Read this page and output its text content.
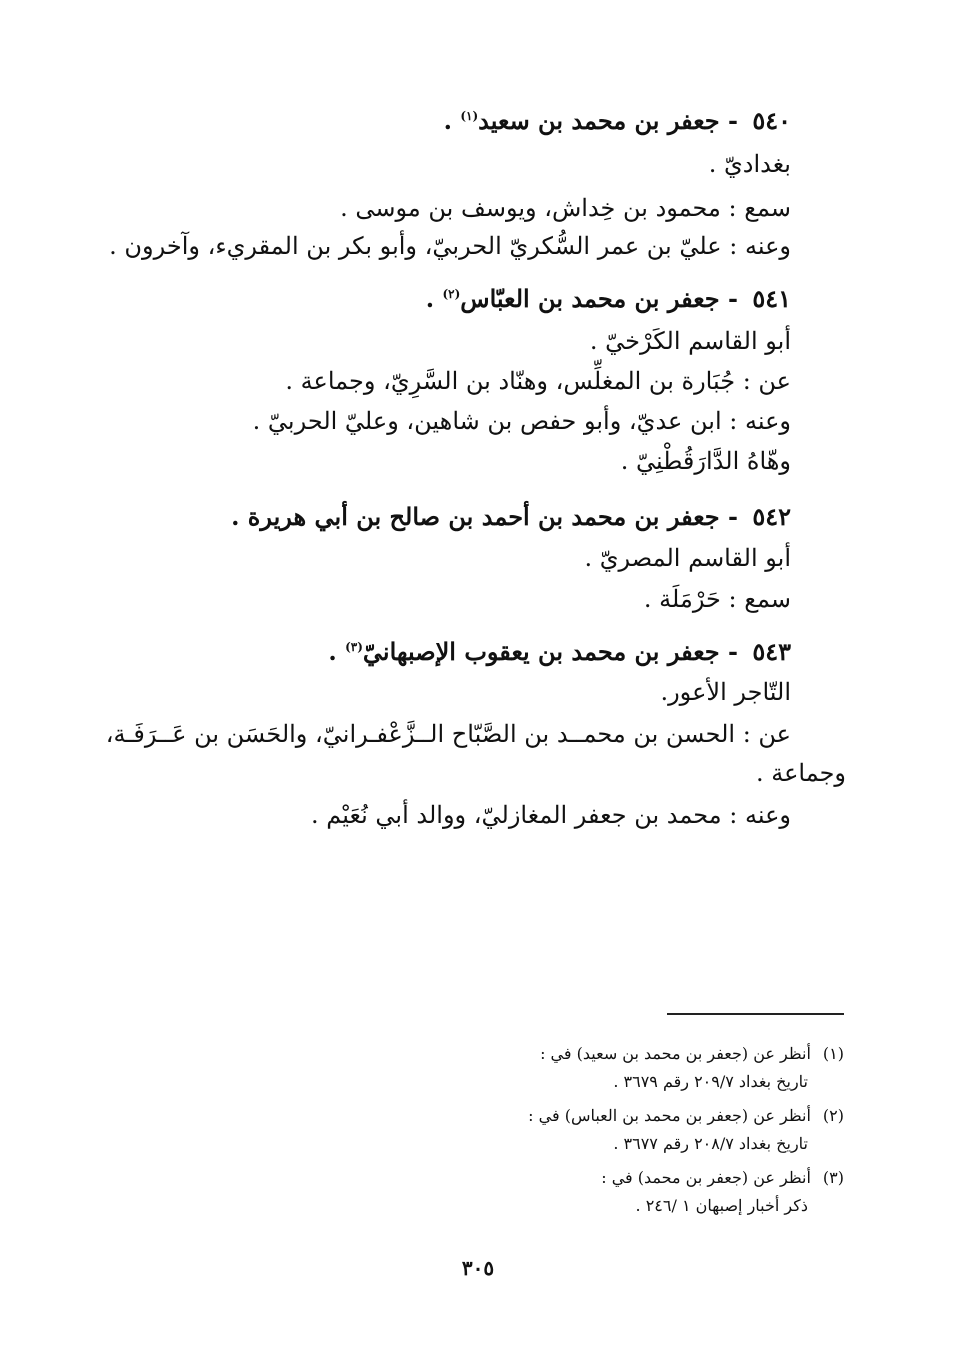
٥٤٠ - جعفر بن محمد بن سعيد$^{(١)}$ .
بغداديّ .
سمع : محمود بن خِداش، ويوسف بن موسى .
وعنه : عليّ بن عمر السُّكريّ الحربيّ، وأبو بكر بن المقريء، وآخرون .
٥٤١ - جعفر بن محمد بن العبّاس$^{(٢)}$ .
أبو القاسم الكَرْخيّ .
عن : جُبَارة بن المغلِّس، وهنّاد بن السَّرِيّ، وجماعة .
وعنه : ابن عديّ، وأبو حفص بن شاهين، وعليّ الحربيّ .
وهّاهُ الدَّارَقُطْنِيّ .
٥٤٢ - جعفر بن محمد بن أحمد بن صالح بن أبي هريرة .
أبو القاسم المصريّ .
سمع : حَرْمَلَة .
٥٤٣ - جعفر بن محمد بن يعقوب الإصبهانيّ$^{(٣)}$ .
التّاجر الأعور.
عن : الحسن بن محمــد بن الصَّبّاح الــزَّعْفـرانيّ، والحَسَن بن عَــرَفَـة،
وجماعة .
وعنه : محمد بن جعفر المغازليّ، ووالد أبي نُعَيْم .
(١)أنظر عن (جعفر بن محمد بن سعيد) في :
تاريخ بغداد ٢٠٩/٧ رقم ٣٦٧٩ .
(٢)أنظر عن (جعفر بن محمد بن العباس) في :
تاريخ بغداد ٢٠٨/٧ رقم ٣٦٧٧ .
(٣)أنظر عن (جعفر بن محمد) في :
ذكر أخبار إصبهان ١ /٢٤٦ .
٣٠٥
